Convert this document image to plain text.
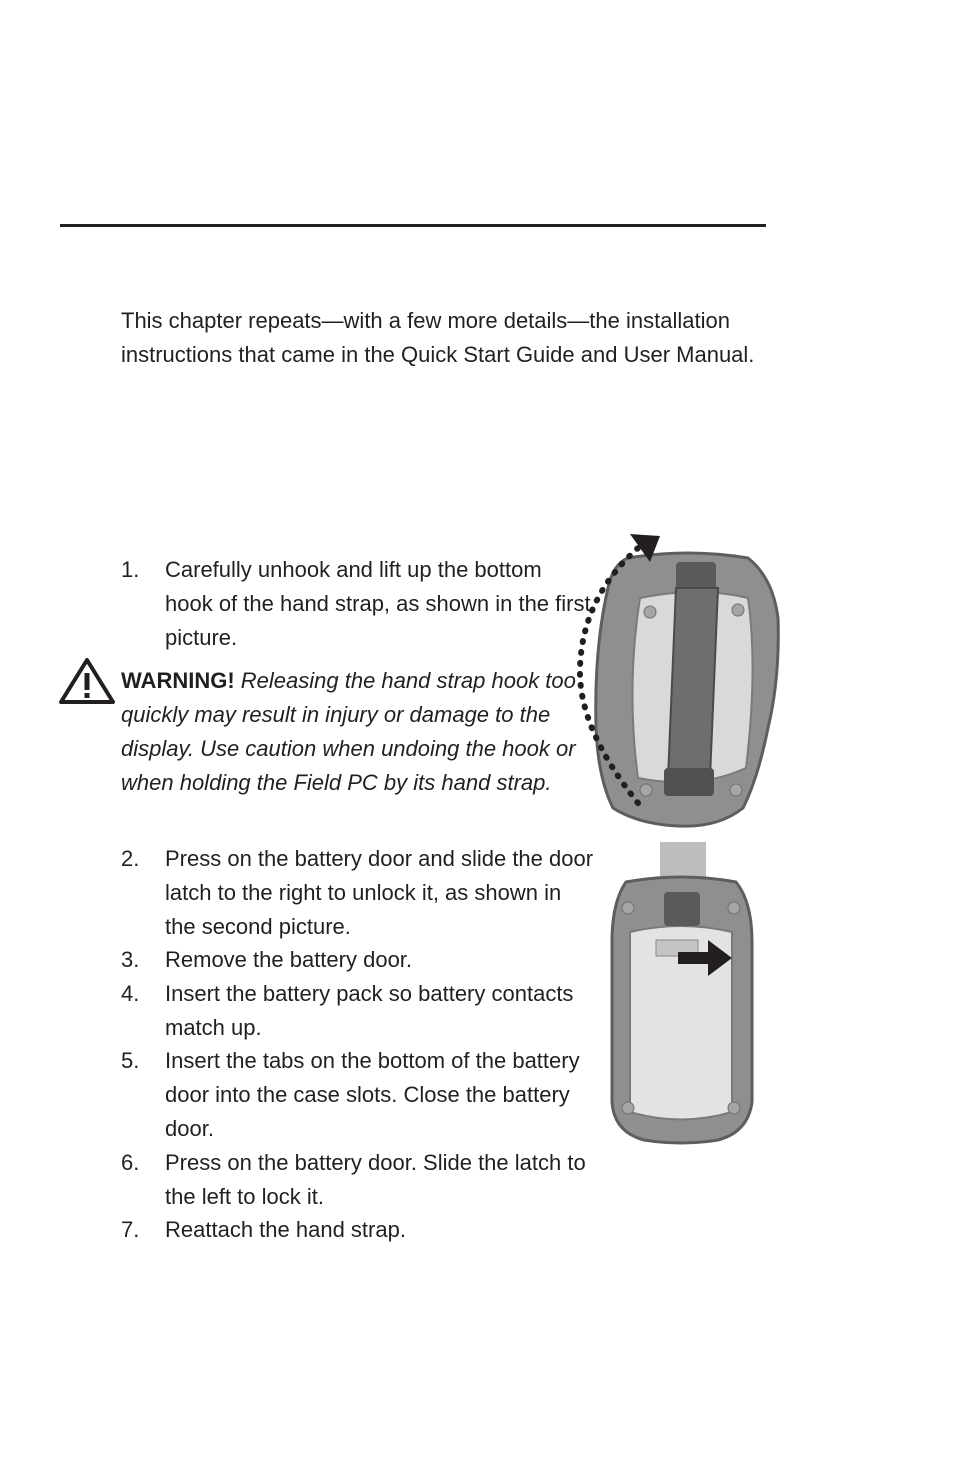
This chapter repeats—with a few more details—the installation instructions that came in the Quick Start Guide and User Manual.

1.	Carefully unhook and lift up the bottom hook of the hand strap, as shown in the first picture.

WARNING! Releasing the hand strap hook too quickly may result in injury or damage to the display. Use caution when undoing the hook or when holding the Field PC by its hand strap.

2.	Press on the battery door and slide the door latch to the right to unlock it, as shown in the second picture.
3.	Remove the battery door.
4.	Insert the battery pack so battery contacts match up.
5.	Insert the tabs on the bottom of the battery door into the case slots. Close the battery door.
6.	Press on the battery door. Slide the latch to the left to lock it.
7.	Reattach the hand strap.
